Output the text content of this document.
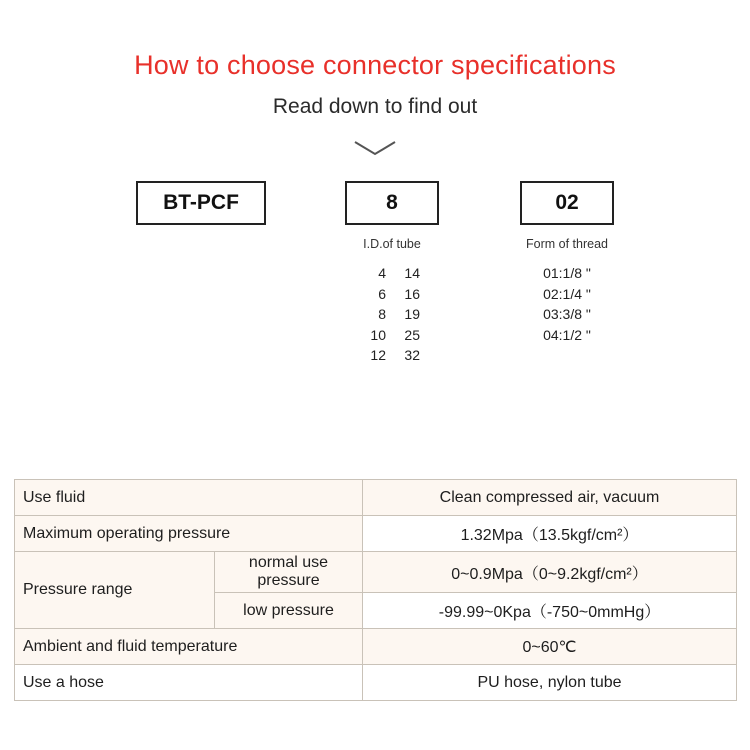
How to choose connector specifications
Read down to find out
BT-PCF	8
I.D.of tube
4	14
6	16
8	19
10	25
12	32
02
Form of thread
01:1/8 "
02:1/4 "
03:3/8 "
04:1/2 "
Use fluid		Clean compressed air, vacuum
Maximum operating pressure		1.32Mpa（13.5kgf/cm²）
Pressure range	normal use pressure	0~0.9Mpa（0~9.2kgf/cm²）
	low pressure	-99.99~0Kpa（-750~0mmHg）
Ambient and fluid temperature		0~60℃
Use a hose		PU hose, nylon tube
